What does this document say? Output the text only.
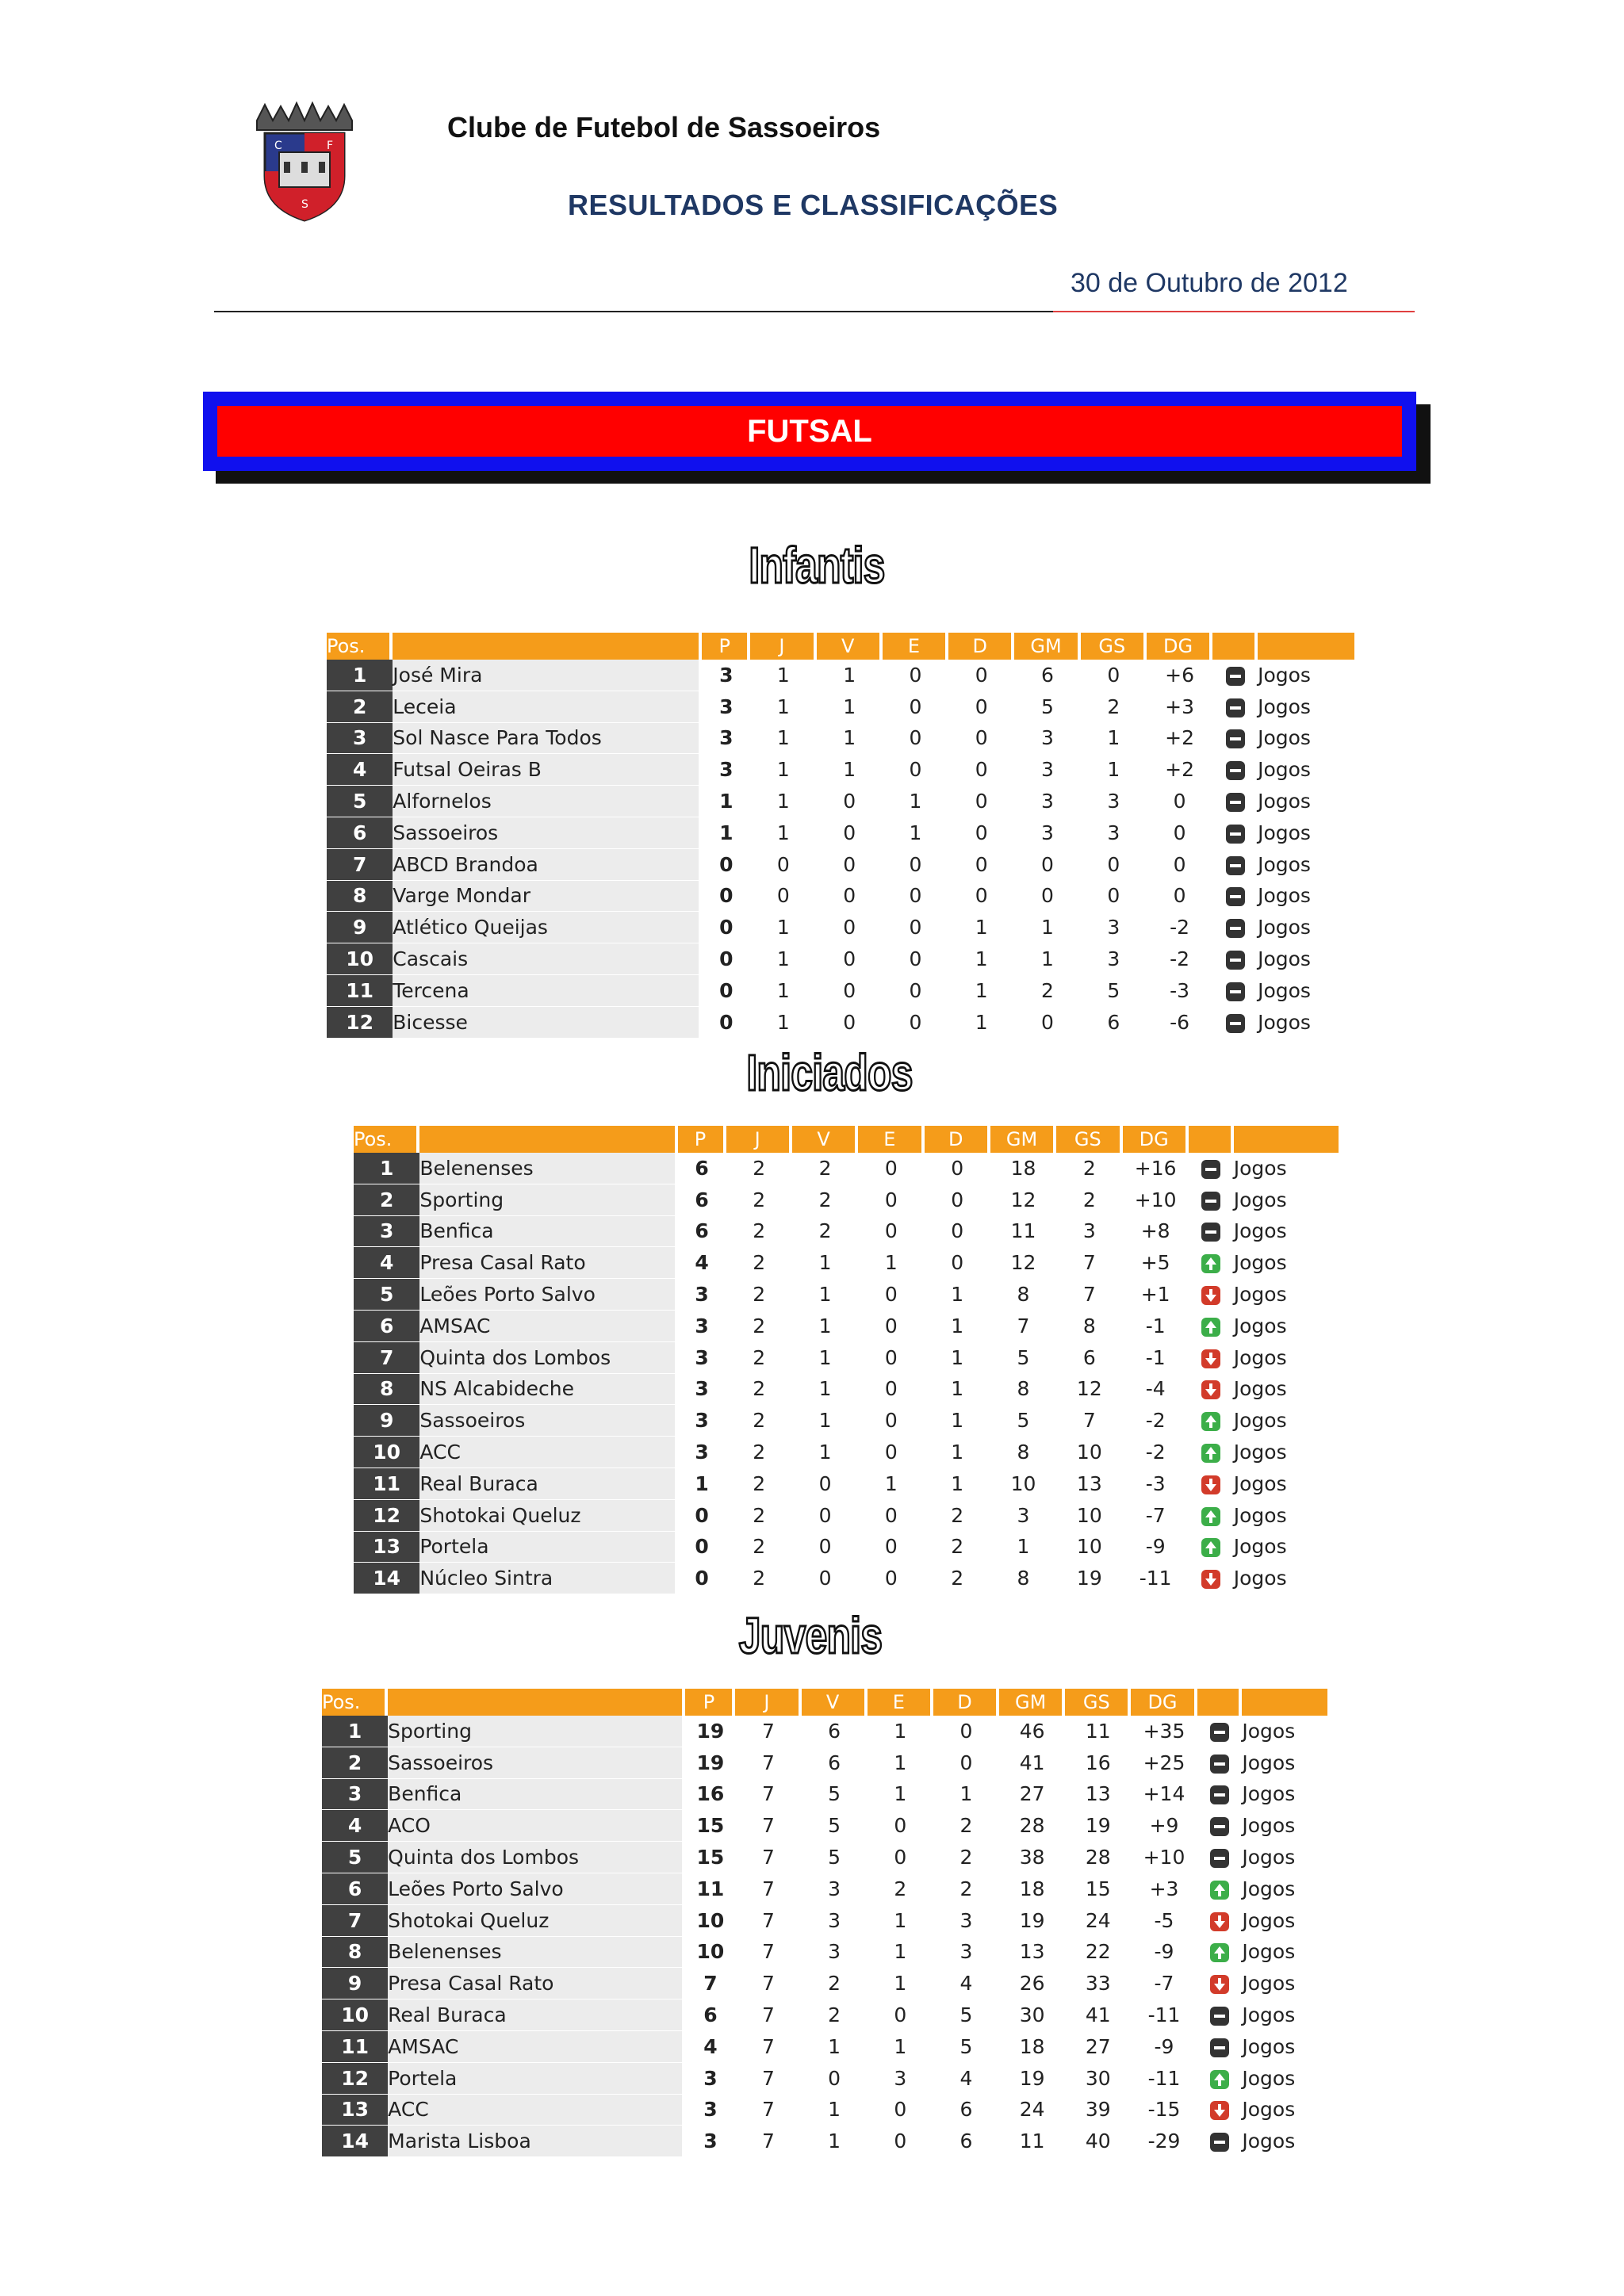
C	F
S
Clube de Futebol de Sassoeiros
RESULTADOS E CLASSIFICAÇÕES
30 de Outubro de 2012
FUTSAL
Infantis
Iniciados
Juvenis
Pos.		P	J	V	E	D	GM	GS	DG		
1	José Mira	3	1	1	0	0	6	0	+6		Jogos
2	Leceia	3	1	1	0	0	5	2	+3		Jogos
3	Sol Nasce Para Todos	3	1	1	0	0	3	1	+2		Jogos
4	Futsal Oeiras B	3	1	1	0	0	3	1	+2		Jogos
5	Alfornelos	1	1	0	1	0	3	3	0		Jogos
6	Sassoeiros	1	1	0	1	0	3	3	0		Jogos
7	ABCD Brandoa	0	0	0	0	0	0	0	0		Jogos
8	Varge Mondar	0	0	0	0	0	0	0	0		Jogos
9	Atlético Queijas	0	1	0	0	1	1	3	-2		Jogos
10	Cascais	0	1	0	0	1	1	3	-2		Jogos
11	Tercena	0	1	0	0	1	2	5	-3		Jogos
12	Bicesse	0	1	0	0	1	0	6	-6		Jogos
Pos.		P	J	V	E	D	GM	GS	DG		
1	Belenenses	6	2	2	0	0	18	2	+16		Jogos
2	Sporting	6	2	2	0	0	12	2	+10		Jogos
3	Benfica	6	2	2	0	0	11	3	+8		Jogos
4	Presa Casal Rato	4	2	1	1	0	12	7	+5		Jogos
5	Leões Porto Salvo	3	2	1	0	1	8	7	+1		Jogos
6	AMSAC	3	2	1	0	1	7	8	-1		Jogos
7	Quinta dos Lombos	3	2	1	0	1	5	6	-1		Jogos
8	NS Alcabideche	3	2	1	0	1	8	12	-4		Jogos
9	Sassoeiros	3	2	1	0	1	5	7	-2		Jogos
10	ACC	3	2	1	0	1	8	10	-2		Jogos
11	Real Buraca	1	2	0	1	1	10	13	-3		Jogos
12	Shotokai Queluz	0	2	0	0	2	3	10	-7		Jogos
13	Portela	0	2	0	0	2	1	10	-9		Jogos
14	Núcleo Sintra	0	2	0	0	2	8	19	-11		Jogos
Pos.		P	J	V	E	D	GM	GS	DG		
1	Sporting	19	7	6	1	0	46	11	+35		Jogos
2	Sassoeiros	19	7	6	1	0	41	16	+25		Jogos
3	Benfica	16	7	5	1	1	27	13	+14		Jogos
4	ACO	15	7	5	0	2	28	19	+9		Jogos
5	Quinta dos Lombos	15	7	5	0	2	38	28	+10		Jogos
6	Leões Porto Salvo	11	7	3	2	2	18	15	+3		Jogos
7	Shotokai Queluz	10	7	3	1	3	19	24	-5		Jogos
8	Belenenses	10	7	3	1	3	13	22	-9		Jogos
9	Presa Casal Rato	7	7	2	1	4	26	33	-7		Jogos
10	Real Buraca	6	7	2	0	5	30	41	-11		Jogos
11	AMSAC	4	7	1	1	5	18	27	-9		Jogos
12	Portela	3	7	0	3	4	19	30	-11		Jogos
13	ACC	3	7	1	0	6	24	39	-15		Jogos
14	Marista Lisboa	3	7	1	0	6	11	40	-29		Jogos
